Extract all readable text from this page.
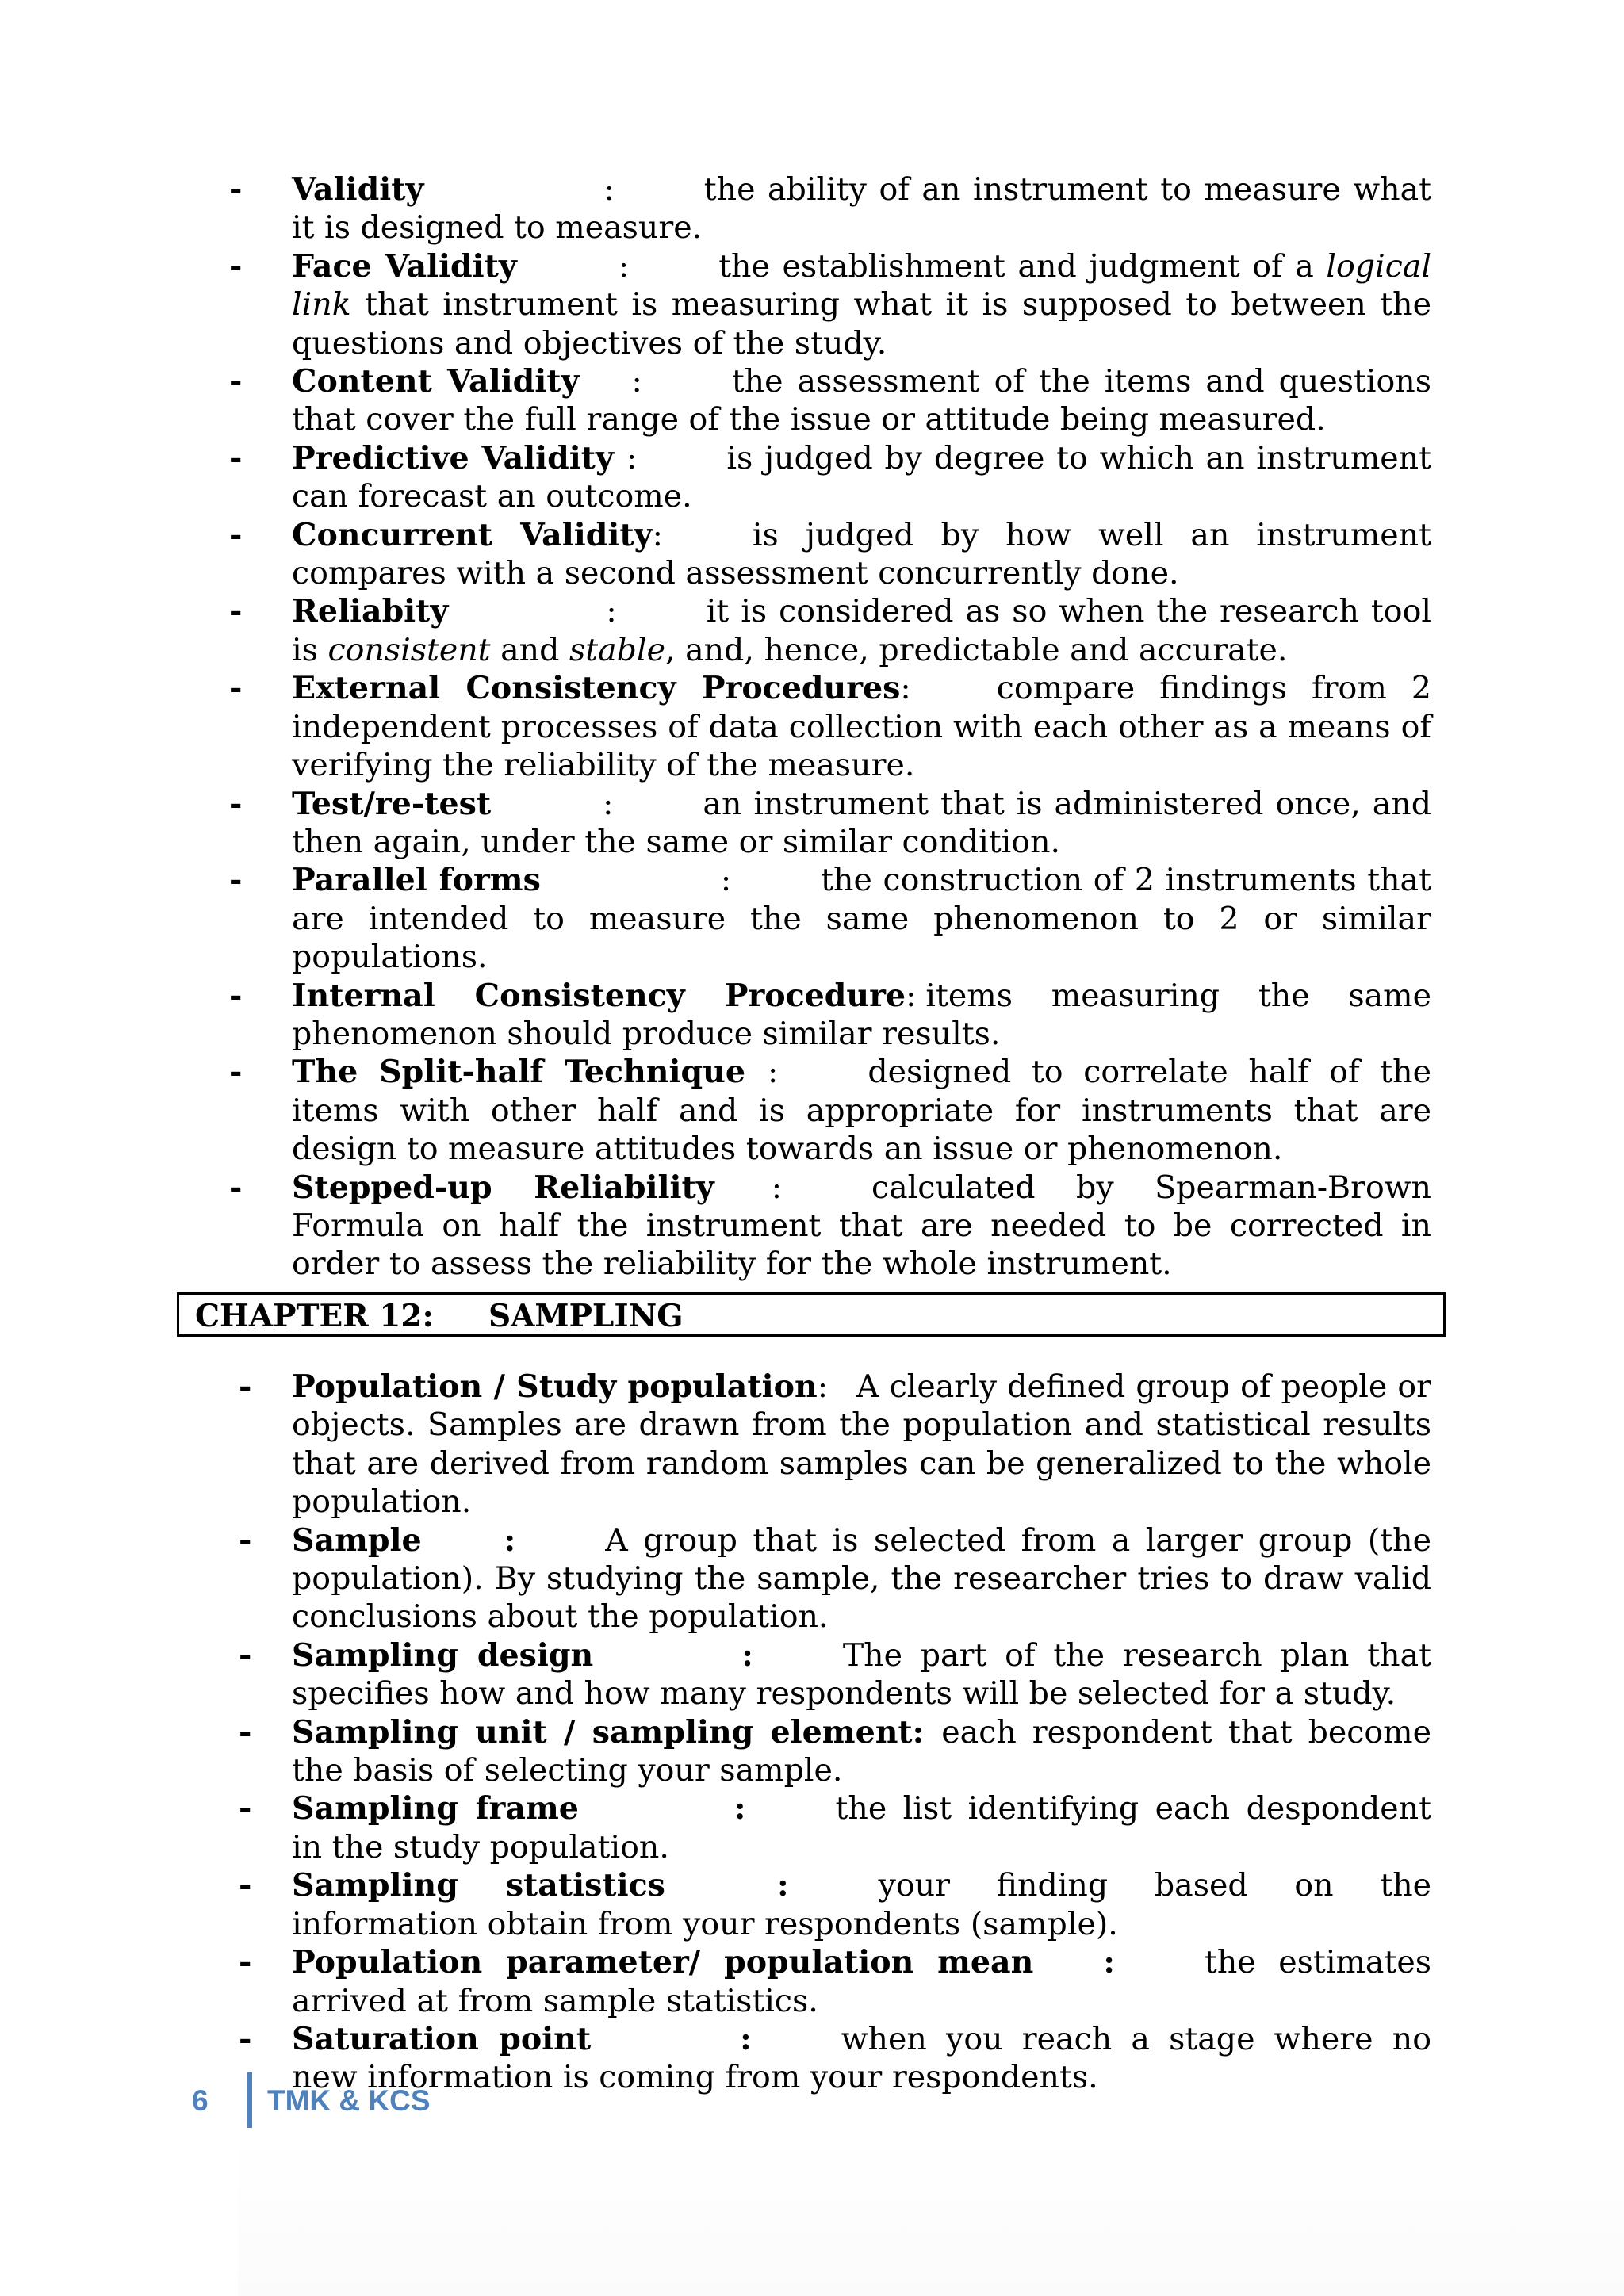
- Validity	:	the ability of an instrument to measure what it is designed to measure.
- Face Validity	:	the establishment and judgment of a logical link that instrument is measuring what it is supposed to between the questions and objectives of the study.
- Content Validity :	the assessment of the items and questions that cover the full range of the issue or attitude being measured.
- Predictive Validity :	is judged by degree to which an instrument can forecast an outcome.
- Concurrent Validity:	is judged by how well an instrument compares with a second assessment concurrently done.
- Reliabity	:	it is considered as so when the research tool is consistent and stable, and, hence, predictable and accurate.
- External Consistency Procedures:	compare findings from 2 independent processes of data collection with each other as a means of verifying the reliability of the measure.
- Test/re-test	:	an instrument that is administered once, and then again, under the same or similar condition.
- Parallel forms	:	the construction of 2 instruments that are intended to measure the same phenomenon to 2 or similar populations.
- Internal Consistency Procedure: items measuring the same phenomenon should produce similar results.
- The Split-half Technique :	designed to correlate half of the items with other half and is appropriate for instruments that are design to measure attitudes towards an issue or phenomenon.
- Stepped-up Reliability :	calculated by Spearman-Brown Formula on half the instrument that are needed to be corrected in order to assess the reliability for the whole instrument.
CHAPTER 12: SAMPLING
- Population / Study population: A clearly defined group of people or objects. Samples are drawn from the population and statistical results that are derived from random samples can be generalized to the whole population.
- Sample	:	A group that is selected from a larger group (the population). By studying the sample, the researcher tries to draw valid conclusions about the population.
- Sampling design	:	The part of the research plan that specifies how and how many respondents will be selected for a study.
- Sampling unit / sampling element: each respondent that become the basis of selecting your sample.
- Sampling frame	:	the list identifying each despondent in the study population.
- Sampling statistics	:	your finding based on the information obtain from your respondents (sample).
- Population parameter/ population mean :	the estimates arrived at from sample statistics.
- Saturation point	:	when you reach a stage where no new information is coming from your respondents.
6 TMK & KCS
